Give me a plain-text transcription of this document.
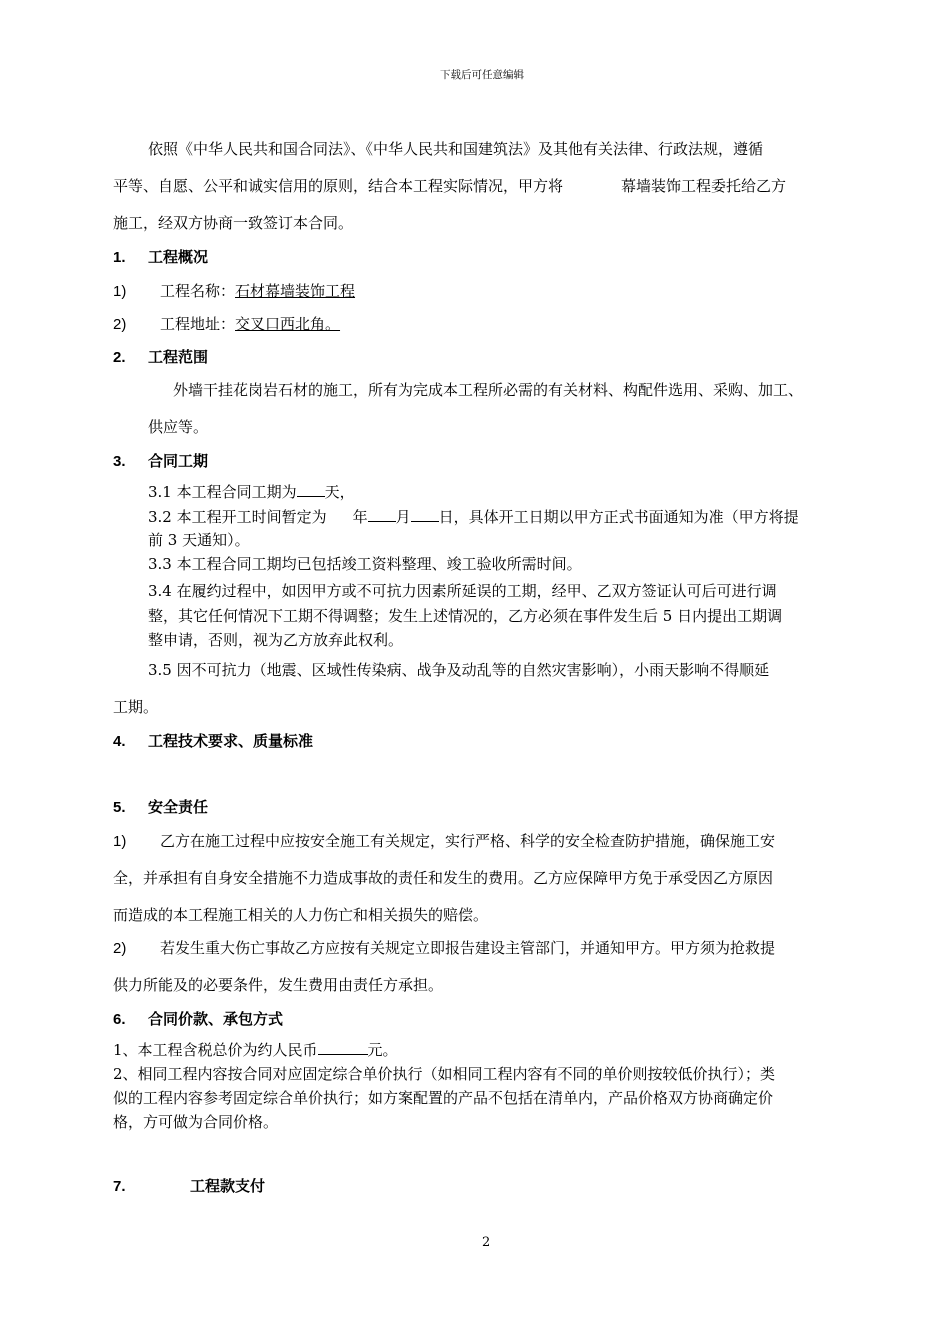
下载后可任意编辑
依照《中华人民共和国合同法》、《中华人民共和国建筑法》及其他有关法律、行政法规，遵循
平等、自愿、公平和诚实信用的原则，结合本工程实际情况，甲方将	幕墙装饰工程委托给乙方
施工，经双方协商一致签订本合同。
1. 工程概况
1) 工程名称：石材幕墙装饰工程
2) 工程地址：交叉口西北角。
2. 工程范围
外墙干挂花岗岩石材的施工，所有为完成本工程所必需的有关材料、构配件选用、采购、加工、
供应等。
3. 合同工期
3.1 本工程合同工期为 天，
3.2 本工程开工时间暂定为 年 月 日，具体开工日期以甲方正式书面通知为准（甲方将提
前 3 天通知）。
3.3 本工程合同工期均已包括竣工资料整理、竣工验收所需时间。
3.4 在履约过程中，如因甲方或不可抗力因素所延误的工期，经甲、乙双方签证认可后可进行调
整，其它任何情况下工期不得调整；发生上述情况的，乙方必须在事件发生后 5 日内提出工期调
整申请，否则，视为乙方放弃此权利。
3.5 因不可抗力（地震、区域性传染病、战争及动乱等的自然灾害影响），小雨天影响不得顺延
工期。
4. 工程技术要求、质量标准
5. 安全责任
1) 乙方在施工过程中应按安全施工有关规定，实行严格、科学的安全检查防护措施，确保施工安
全，并承担有自身安全措施不力造成事故的责任和发生的费用。乙方应保障甲方免于承受因乙方原因
而造成的本工程施工相关的人力伤亡和相关损失的赔偿。
2) 若发生重大伤亡事故乙方应按有关规定立即报告建设主管部门，并通知甲方。甲方须为抢救提
供力所能及的必要条件，发生费用由责任方承担。
6. 合同价款、承包方式
1、本工程含税总价为约人民币	元。
2、相同工程内容按合同对应固定综合单价执行（如相同工程内容有不同的单价则按较低价执行）；类
似的工程内容参考固定综合单价执行；如方案配置的产品不包括在清单内，产品价格双方协商确定价
格，方可做为合同价格。
7.	工程款支付
2
